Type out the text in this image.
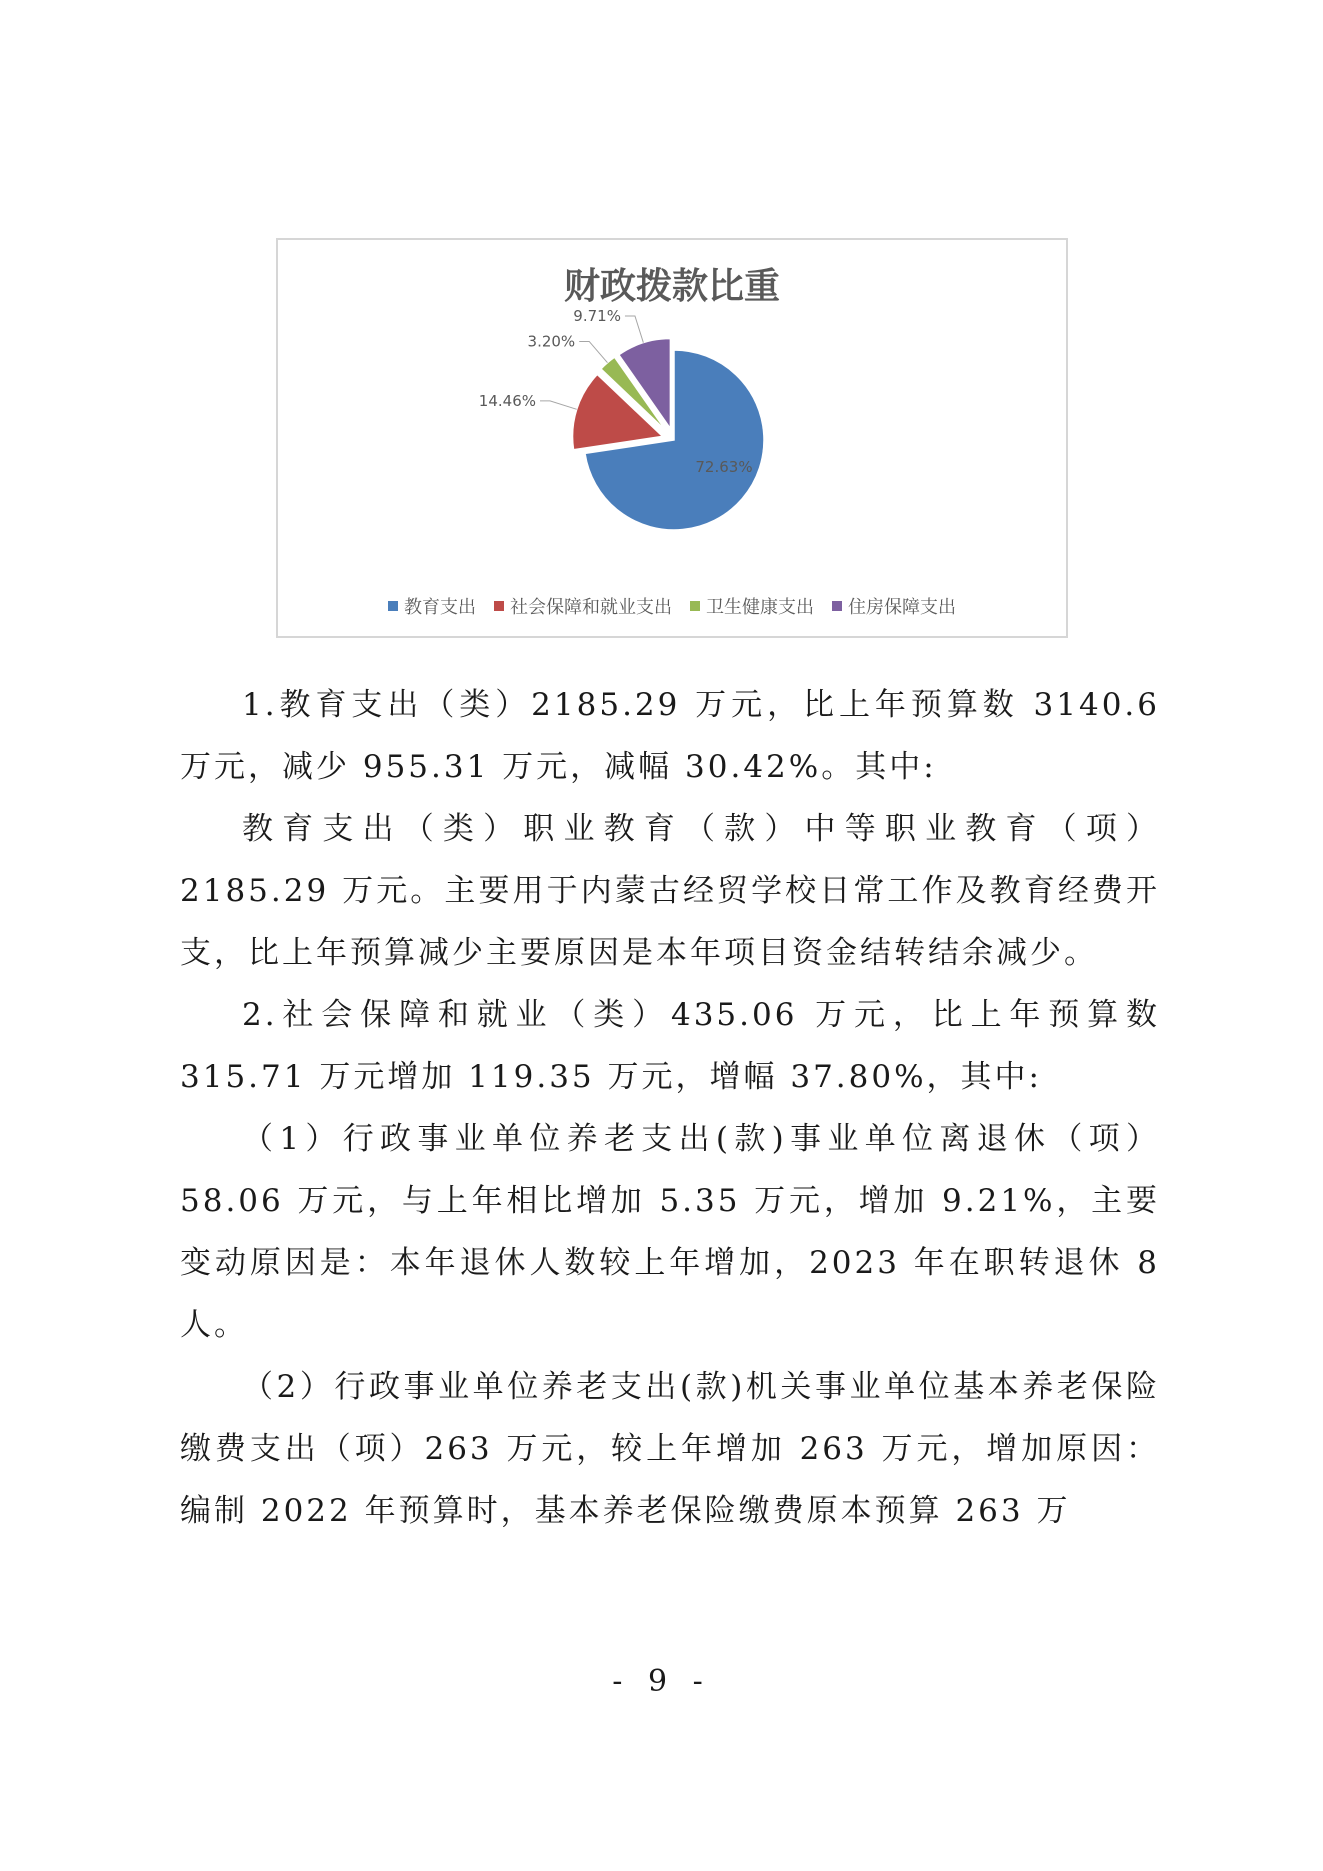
财政拨款比重
72.63%
14.46%
3.20%
9.71%
教育支出 社会保障和就业支出 卫生健康支出 住房保障支出

1.教育支出（类）2185.29 万元，比上年预算数 3140.6 万元，减少 955.31 万元，减幅 30.42%。其中:

教育支出（类）职业教育（款）中等职业教育（项）2185.29 万元。主要用于内蒙古经贸学校日常工作及教育经费开支，比上年预算减少主要原因是本年项目资金结转结余减少。

2.社会保障和就业（类）435.06 万元，比上年预算数315.71 万元增加 119.35 万元，增幅 37.80%，其中:

（1）行政事业单位养老支出(款)事业单位离退休（项）58.06 万元，与上年相比增加 5.35 万元，增加 9.21%，主要变动原因是：本年退休人数较上年增加，2023 年在职转退休 8 人。

（2）行政事业单位养老支出(款)机关事业单位基本养老保险缴费支出（项）263 万元，较上年增加 263 万元，增加原因：编制 2022 年预算时，基本养老保险缴费原本预算 263 万

- 9 -
